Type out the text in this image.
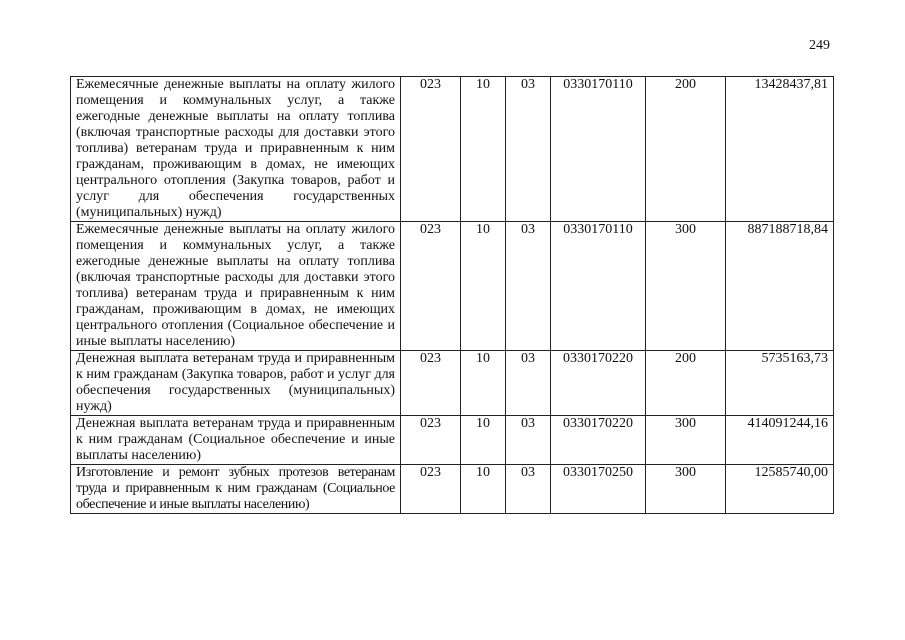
249
Ежемесячные денежные выплаты на оплату жилого помещения и коммунальных услуг, а также ежегодные денежные выплаты на оплату топлива (включая транспортные расходы для доставки этого топлива) ветеранам труда и приравненным к ним гражданам, проживающим в домах, не имеющих центрального отопления (Закупка товаров, работ и услуг для обеспечения государственных (муниципальных) нужд)	023	10	03	0330170110	200	13428437,81
Ежемесячные денежные выплаты на оплату жилого помещения и коммунальных услуг, а также ежегодные денежные выплаты на оплату топлива (включая транспортные расходы для доставки этого топлива) ветеранам труда и приравненным к ним гражданам, проживающим в домах, не имеющих центрального отопления (Социальное обеспечение и иные выплаты населению)	023	10	03	0330170110	300	887188718,84
Денежная выплата ветеранам труда и приравненным к ним гражданам (Закупка товаров, работ и услуг для обеспечения государственных (муниципальных) нужд)	023	10	03	0330170220	200	5735163,73
Денежная выплата ветеранам труда и приравненным к ним гражданам (Социальное обеспечение и иные выплаты населению)	023	10	03	0330170220	300	414091244,16
Изготовление и ремонт зубных протезов ветеранам труда и приравненным к ним гражданам (Социальное обеспечение и иные выплаты населению)	023	10	03	0330170250	300	12585740,00
